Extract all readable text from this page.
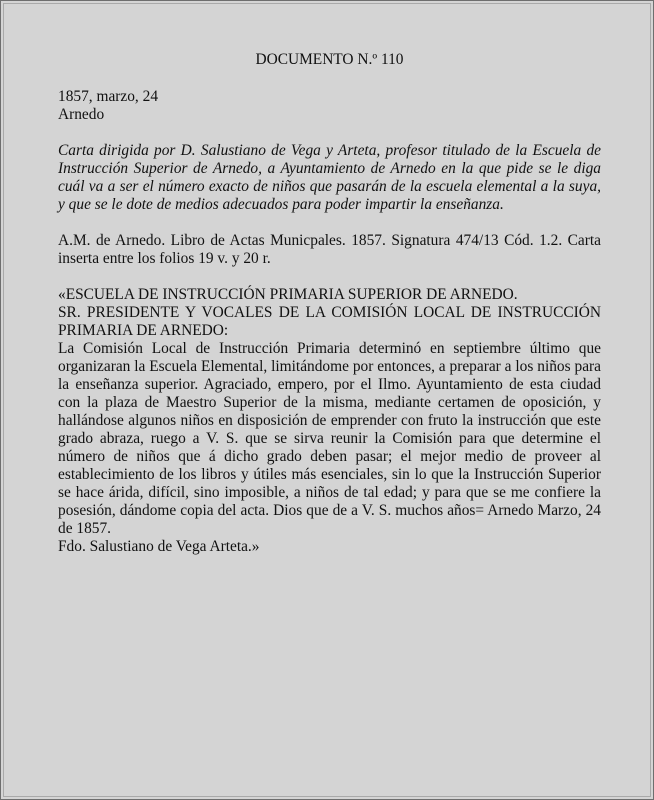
DOCUMENTO N.º 110
1857, marzo, 24
Arnedo

Carta dirigida por D. Salustiano de Vega y Arteta, profesor titulado de la Escuela de Instrucción Superior de Arnedo, a Ayuntamiento de Arnedo en la que pide se le diga cuál va a ser el número exacto de niños que pasarán de la escuela elemental a la suya, y que se le dote de medios adecuados para poder impartir la enseñanza.

A.M. de Arnedo. Libro de Actas Municpales. 1857. Signatura 474/13 Cód. 1.2. Carta inserta entre los folios 19 v. y 20 r.

«ESCUELA DE INSTRUCCIÓN PRIMARIA SUPERIOR DE ARNEDO.

SR. PRESIDENTE Y VOCALES DE LA COMISIÓN LOCAL DE INSTRUCCIÓN PRIMARIA DE ARNEDO:

La Comisión Local de Instrucción Primaria determinó en septiembre último que organizaran la Escuela Elemental, limitándome por entonces, a preparar a los niños para la enseñanza superior. Agraciado, empero, por el Ilmo. Ayuntamiento de esta ciudad con la plaza de Maestro Superior de la misma, mediante certamen de oposición, y hallándose algunos niños en disposición de emprender con fruto la instrucción que este grado abraza, ruego a V. S. que se sirva reunir la Comisión para que determine el número de niños que á dicho grado deben pasar; el mejor medio de proveer al establecimiento de los libros y útiles más esenciales, sin lo que la Instrucción Superior se hace árida, difícil, sino imposible, a niños de tal edad; y para que se me confiere la posesión, dándome copia del acta. Dios que de a V. S. muchos años= Arnedo Marzo, 24 de 1857.

Fdo. Salustiano de Vega Arteta.»
